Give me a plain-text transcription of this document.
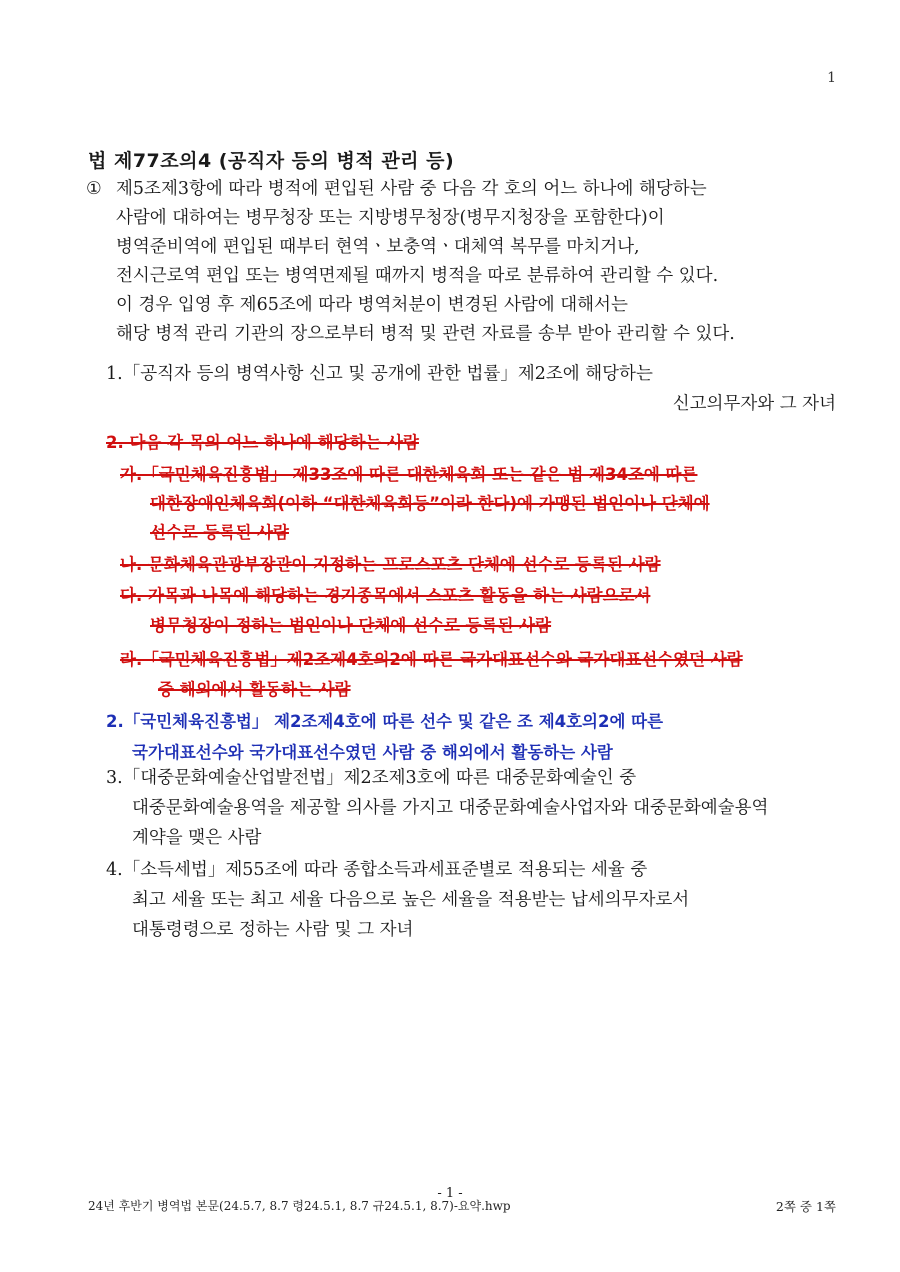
1
법 제77조의4 (공직자 등의 병적 관리 등)
① 제5조제3항에 따라 병적에 편입된 사람 중 다음 각 호의 어느 하나에 해당하는
사람에 대하여는 병무청장 또는 지방병무청장(병무지청장을 포함한다)이
병역준비역에 편입된 때부터 현역ㆍ보충역ㆍ대체역 복무를 마치거나,
전시근로역 편입 또는 병역면제될 때까지 병적을 따로 분류하여 관리할 수 있다.
이 경우 입영 후 제65조에 따라 병역처분이 변경된 사람에 대해서는
해당 병적 관리 기관의 장으로부터 병적 및 관련 자료를 송부 받아 관리할 수 있다.
1.「공직자 등의 병역사항 신고 및 공개에 관한 법률」제2조에 해당하는
신고의무자와 그 자녀
2. 다음 각 목의 어느 하나에 해당하는 사람
가.「국민체육진흥법」 제33조에 따른 대한체육회 또는 같은 법 제34조에 따른
대한장애인체육회(이하 “대한체육회등”이라 한다)에 가맹된 법인이나 단체에
선수로 등록된 사람
나. 문화체육관광부장관이 지정하는 프로스포츠 단체에 선수로 등록된 사람
다. 가목과 나목에 해당하는 경기종목에서 스포츠 활동을 하는 사람으로서
병무청장이 정하는 법인이나 단체에 선수로 등록된 사람
라.「국민체육진흥법」제2조제4호의2에 따른 국가대표선수와 국가대표선수였던 사람
중 해외에서 활동하는 사람
2.「국민체육진흥법」 제2조제4호에 따른 선수 및 같은 조 제4호의2에 따른
국가대표선수와 국가대표선수였던 사람 중 해외에서 활동하는 사람
3.「대중문화예술산업발전법」제2조제3호에 따른 대중문화예술인 중
대중문화예술용역을 제공할 의사를 가지고 대중문화예술사업자와 대중문화예술용역
계약을 맺은 사람
4.「소득세법」제55조에 따라 종합소득과세표준별로 적용되는 세율 중
최고 세율 또는 최고 세율 다음으로 높은 세율을 적용받는 납세의무자로서
대통령령으로 정하는 사람 및 그 자녀
- 1 -
24년 후반기 병역법 본문(24.5.7, 8.7 령24.5.1, 8.7 규24.5.1, 8.7)-요약.hwp	2쪽 중 1쪽
